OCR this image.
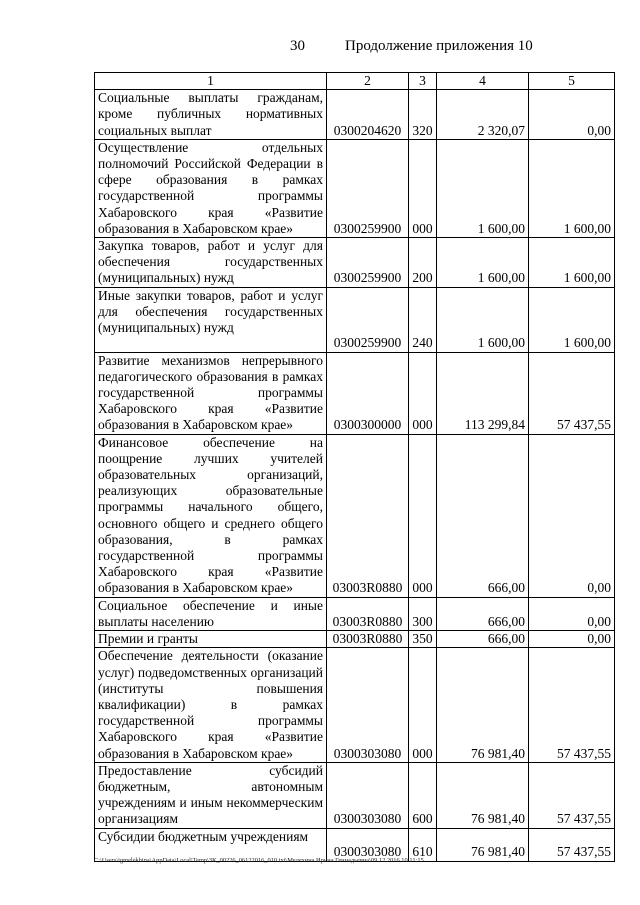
30	Продолжение приложения 10
1	2	3	4	5
Социальные выплаты гражданам, кроме публичных нормативных социальных выплат	0300204620	320	2 320,07	0,00
Осуществление отдельных полномочий Российской Федерации в сфере образования в рамках государственной программы Хабаровского края «Развитие образования в Хабаровском крае»	0300259900	000	1 600,00	1 600,00
Закупка товаров, работ и услуг для обеспечения государственных (муниципальных) нужд	0300259900	200	1 600,00	1 600,00
Иные закупки товаров, работ и услуг для обеспечения государственных (муниципальных) нужд	0300259900	240	1 600,00	1 600,00
Развитие механизмов непрерывного педагогического образования в рамках государственной программы Хабаровского края «Развитие образования в Хабаровском крае»	0300300000	000	113 299,84	57 437,55
Финансовое обеспечение на поощрение лучших учителей образовательных организаций, реализующих образовательные программы начального общего, основного общего и среднего общего образования, в рамках государственной программы Хабаровского края «Развитие образования в Хабаровском крае»	03003R0880	000	666,00	0,00
Социальное обеспечение и иные выплаты населению	03003R0880	300	666,00	0,00
Премии и гранты	03003R0880	350	666,00	0,00
Обеспечение деятельности (оказание услуг) подведомственных организаций (институты повышения квалификации) в рамках государственной программы Хабаровского края «Развитие образования в Хабаровском крае»	0300303080	000	76 981,40	57 437,55
Предоставление субсидий бюджетным, автономным учреждениям и иным некоммерческим организациям	0300303080	600	76 981,40	57 437,55
Субсидии бюджетным учреждениям	0300303080	610	76 981,40	57 437,55
C:\Users\igmelekhina\AppData\Local\Temp\ЗК_00226_06122016_010.txt\Мелехина Ирина Геннадьевна\09.12.2016 10:11:15
